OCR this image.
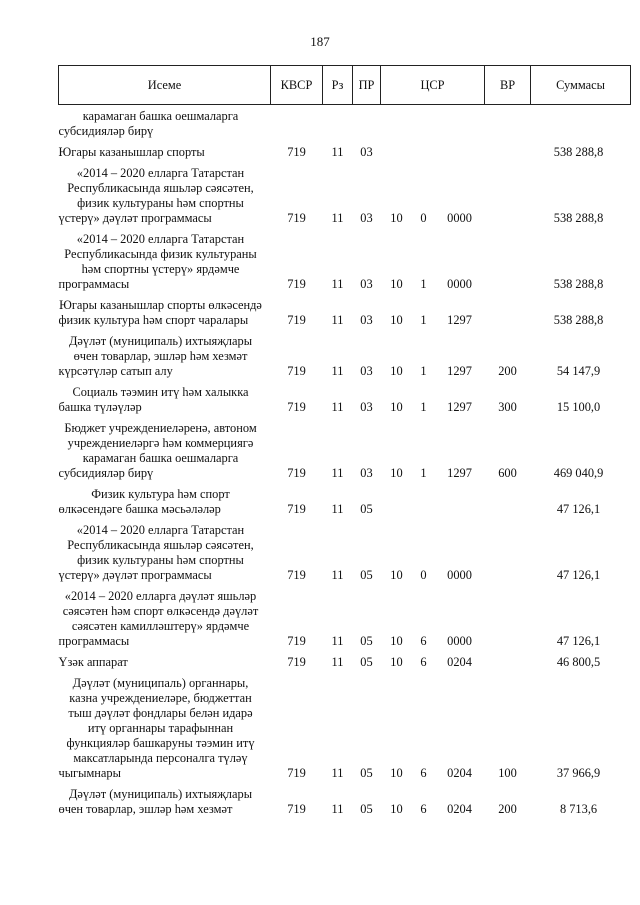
187
Исеме	КВСР	Рз	ПР	ЦСР			ВР	Суммасы
карамаган башка оешмаларга субсидияләр бирү								
Югары казанышлар спорты	719	11	03					538 288,8
«2014 – 2020 елларга Татарстан Республикасында яшьләр сәясәтен, физик культураны һәм спортны үстерү» дәүләт программасы	719	11	03	10	0	0000		538 288,8
«2014 – 2020 елларга Татарстан Республикасында физик культураны һәм спортны үстерү» ярдәмче программасы	719	11	03	10	1	0000		538 288,8
Югары казанышлар спорты өлкәсендә физик культура һәм спорт чаралары	719	11	03	10	1	1297		538 288,8
Дәүләт (муниципаль) ихтыяҗлары өчен товарлар, эшләр һәм хезмәт күрсәтүләр сатып алу	719	11	03	10	1	1297	200	54 147,9
Социаль тәэмин итү һәм халыкка башка түләүләр	719	11	03	10	1	1297	300	15 100,0
Бюджет учреждениеләренә, автоном учреждениеләргә һәм коммерциягә карамаган башка оешмаларга субсидияләр бирү	719	11	03	10	1	1297	600	469 040,9
Физик культура һәм спорт өлкәсендәге башка мәсьәләләр	719	11	05					47 126,1
«2014 – 2020 елларга Татарстан Республикасында яшьләр сәясәтен, физик культураны һәм спортны үстерү» дәүләт программасы	719	11	05	10	0	0000		47 126,1
«2014 – 2020 елларга дәүләт яшьләр сәясәтен һәм спорт өлкәсендә дәүләт сәясәтен камилләштерү» ярдәмче программасы	719	11	05	10	6	0000		47 126,1
Үзәк аппарат	719	11	05	10	6	0204		46 800,5
Дәүләт (муниципаль) органнары, казна учреждениеләре, бюджеттан тыш дәүләт фондлары белән идарә итү органнары тарафыннан функцияләр башкаруны тәэмин итү максатларында персоналга түләү чыгымнары	719	11	05	10	6	0204	100	37 966,9
Дәүләт (муниципаль) ихтыяҗлары өчен товарлар, эшләр һәм хезмәт	719	11	05	10	6	0204	200	8 713,6
